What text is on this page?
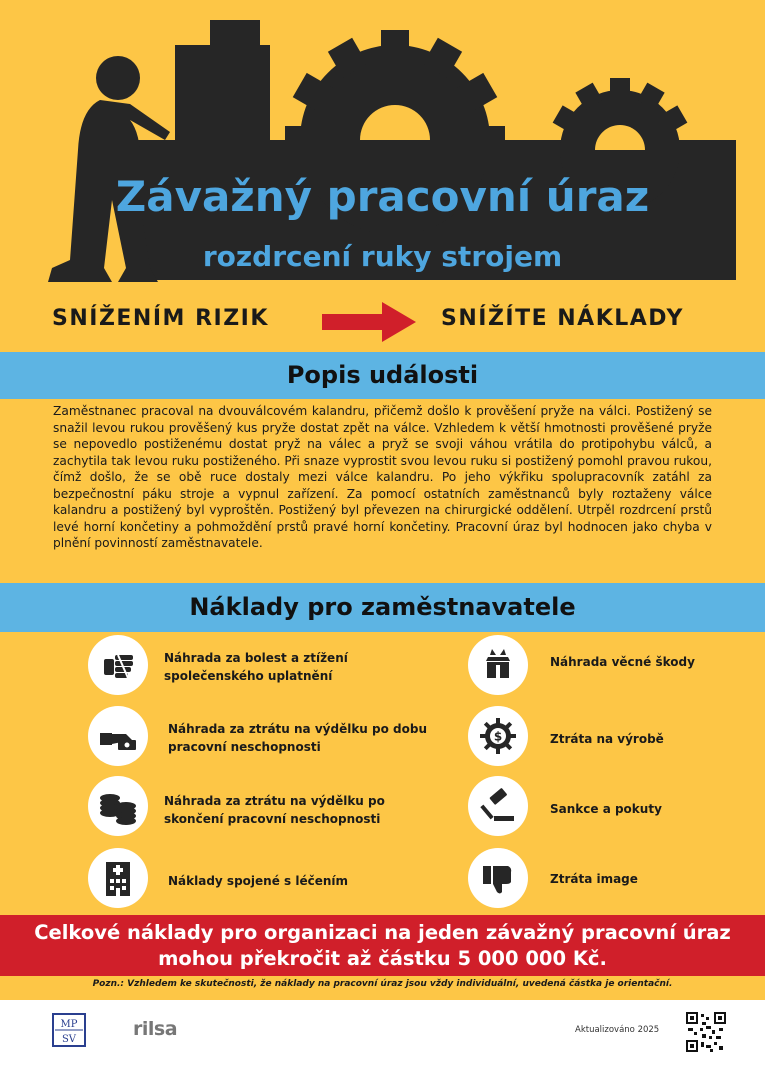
Závažný pracovní úraz
rozdrcení ruky strojem
SNÍŽENÍM RIZIK	SNÍŽÍTE NÁKLADY
Popis události
Zaměstnanec pracoval na dvouválcovém kalandru, přičemž došlo k prověšení pryže na válci. Postižený se snažil levou rukou prověšený kus pryže dostat zpět na válce. Vzhledem k větší hmotnosti prověšené pryže se nepovedlo postiženému dostat pryž na válec a pryž se svoji váhou vrátila do protipohybu válců, a zachytila tak levou ruku postiženého. Při snaze vyprostit svou levou ruku si postižený pomohl pravou rukou, čímž došlo, že se obě ruce dostaly mezi válce kalandru. Po jeho výkřiku spolupracovník zatáhl za bezpečnostní páku stroje a vypnul zařízení. Za pomocí ostatních zaměstnanců byly roztaženy válce kalandru a postižený byl vyproštěn. Postižený byl převezen na chirurgické oddělení. Utrpěl rozdrcení prstů levé horní končetiny a pohmoždění prstů pravé horní končetiny. Pracovní úraz byl hodnocen jako chyba v plnění povinností zaměstnavatele.
Náklady pro zaměstnavatele
Náhrada za bolest a ztížení společenského uplatnění
Náhrada za ztrátu na výdělku po dobu pracovní neschopnosti
Náhrada za ztrátu na výdělku po skončení pracovní neschopnosti
Náklady spojené s léčením
Náhrada věcné škody
$	Ztráta na výrobě
Sankce a pokuty
Ztráta image
Celkové náklady pro organizaci na jeden závažný pracovní úraz
mohou překročit až částku 5 000 000 Kč.
Pozn.: Vzhledem ke skutečnosti, že náklady na pracovní úraz jsou vždy individuální, uvedená částka je orientační.
MP
SV	rilsa	Aktualizováno 2025
